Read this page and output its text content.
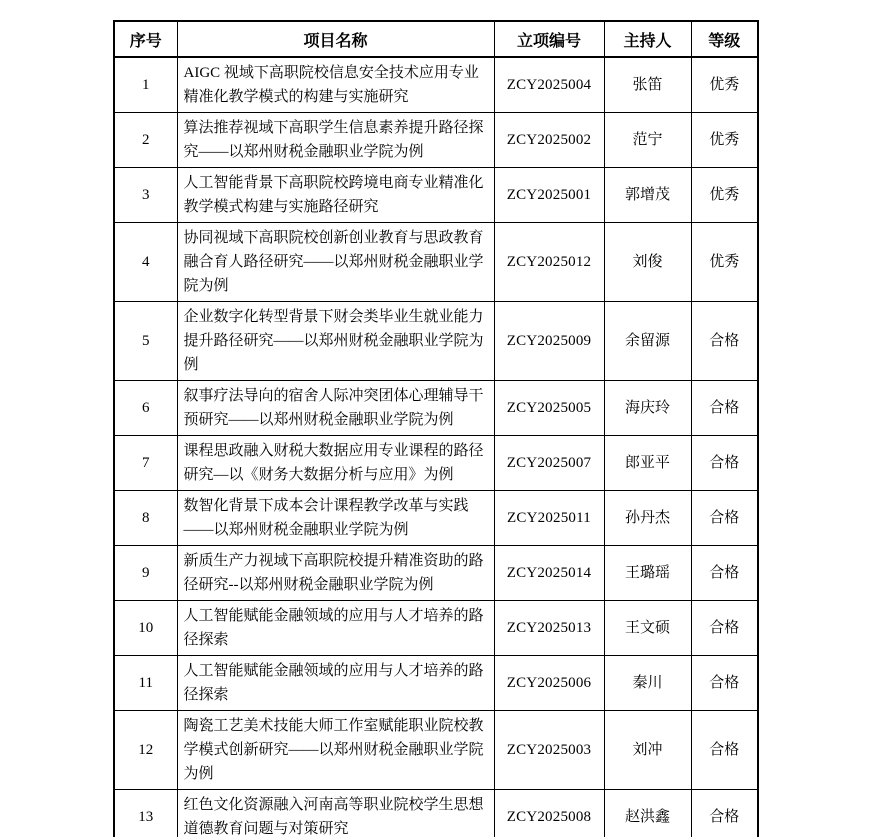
序号	项目名称	立项编号	主持人	等级
1	AIGC 视域下高职院校信息安全技术应用专业精准化教学模式的构建与实施研究	ZCY2025004	张笛	优秀
2	算法推荐视域下高职学生信息素养提升路径探究——以郑州财税金融职业学院为例	ZCY2025002	范宁	优秀
3	人工智能背景下高职院校跨境电商专业精准化教学模式构建与实施路径研究	ZCY2025001	郭增茂	优秀
4	协同视域下高职院校创新创业教育与思政教育融合育人路径研究——以郑州财税金融职业学院为例	ZCY2025012	刘俊	优秀
5	企业数字化转型背景下财会类毕业生就业能力提升路径研究——以郑州财税金融职业学院为例	ZCY2025009	余留源	合格
6	叙事疗法导向的宿舍人际冲突团体心理辅导干预研究——以郑州财税金融职业学院为例	ZCY2025005	海庆玲	合格
7	课程思政融入财税大数据应用专业课程的路径研究—以《财务大数据分析与应用》为例	ZCY2025007	郎亚平	合格
8	数智化背景下成本会计课程教学改革与实践——以郑州财税金融职业学院为例	ZCY2025011	孙丹杰	合格
9	新质生产力视域下高职院校提升精准资助的路径研究--以郑州财税金融职业学院为例	ZCY2025014	王璐瑶	合格
10	人工智能赋能金融领域的应用与人才培养的路径探索	ZCY2025013	王文硕	合格
11	人工智能赋能金融领域的应用与人才培养的路径探索	ZCY2025006	秦川	合格
12	陶瓷工艺美术技能大师工作室赋能职业院校教学模式创新研究——以郑州财税金融职业学院为例	ZCY2025003	刘冲	合格
13	红色文化资源融入河南高等职业院校学生思想道德教育问题与对策研究	ZCY2025008	赵洪鑫	合格
